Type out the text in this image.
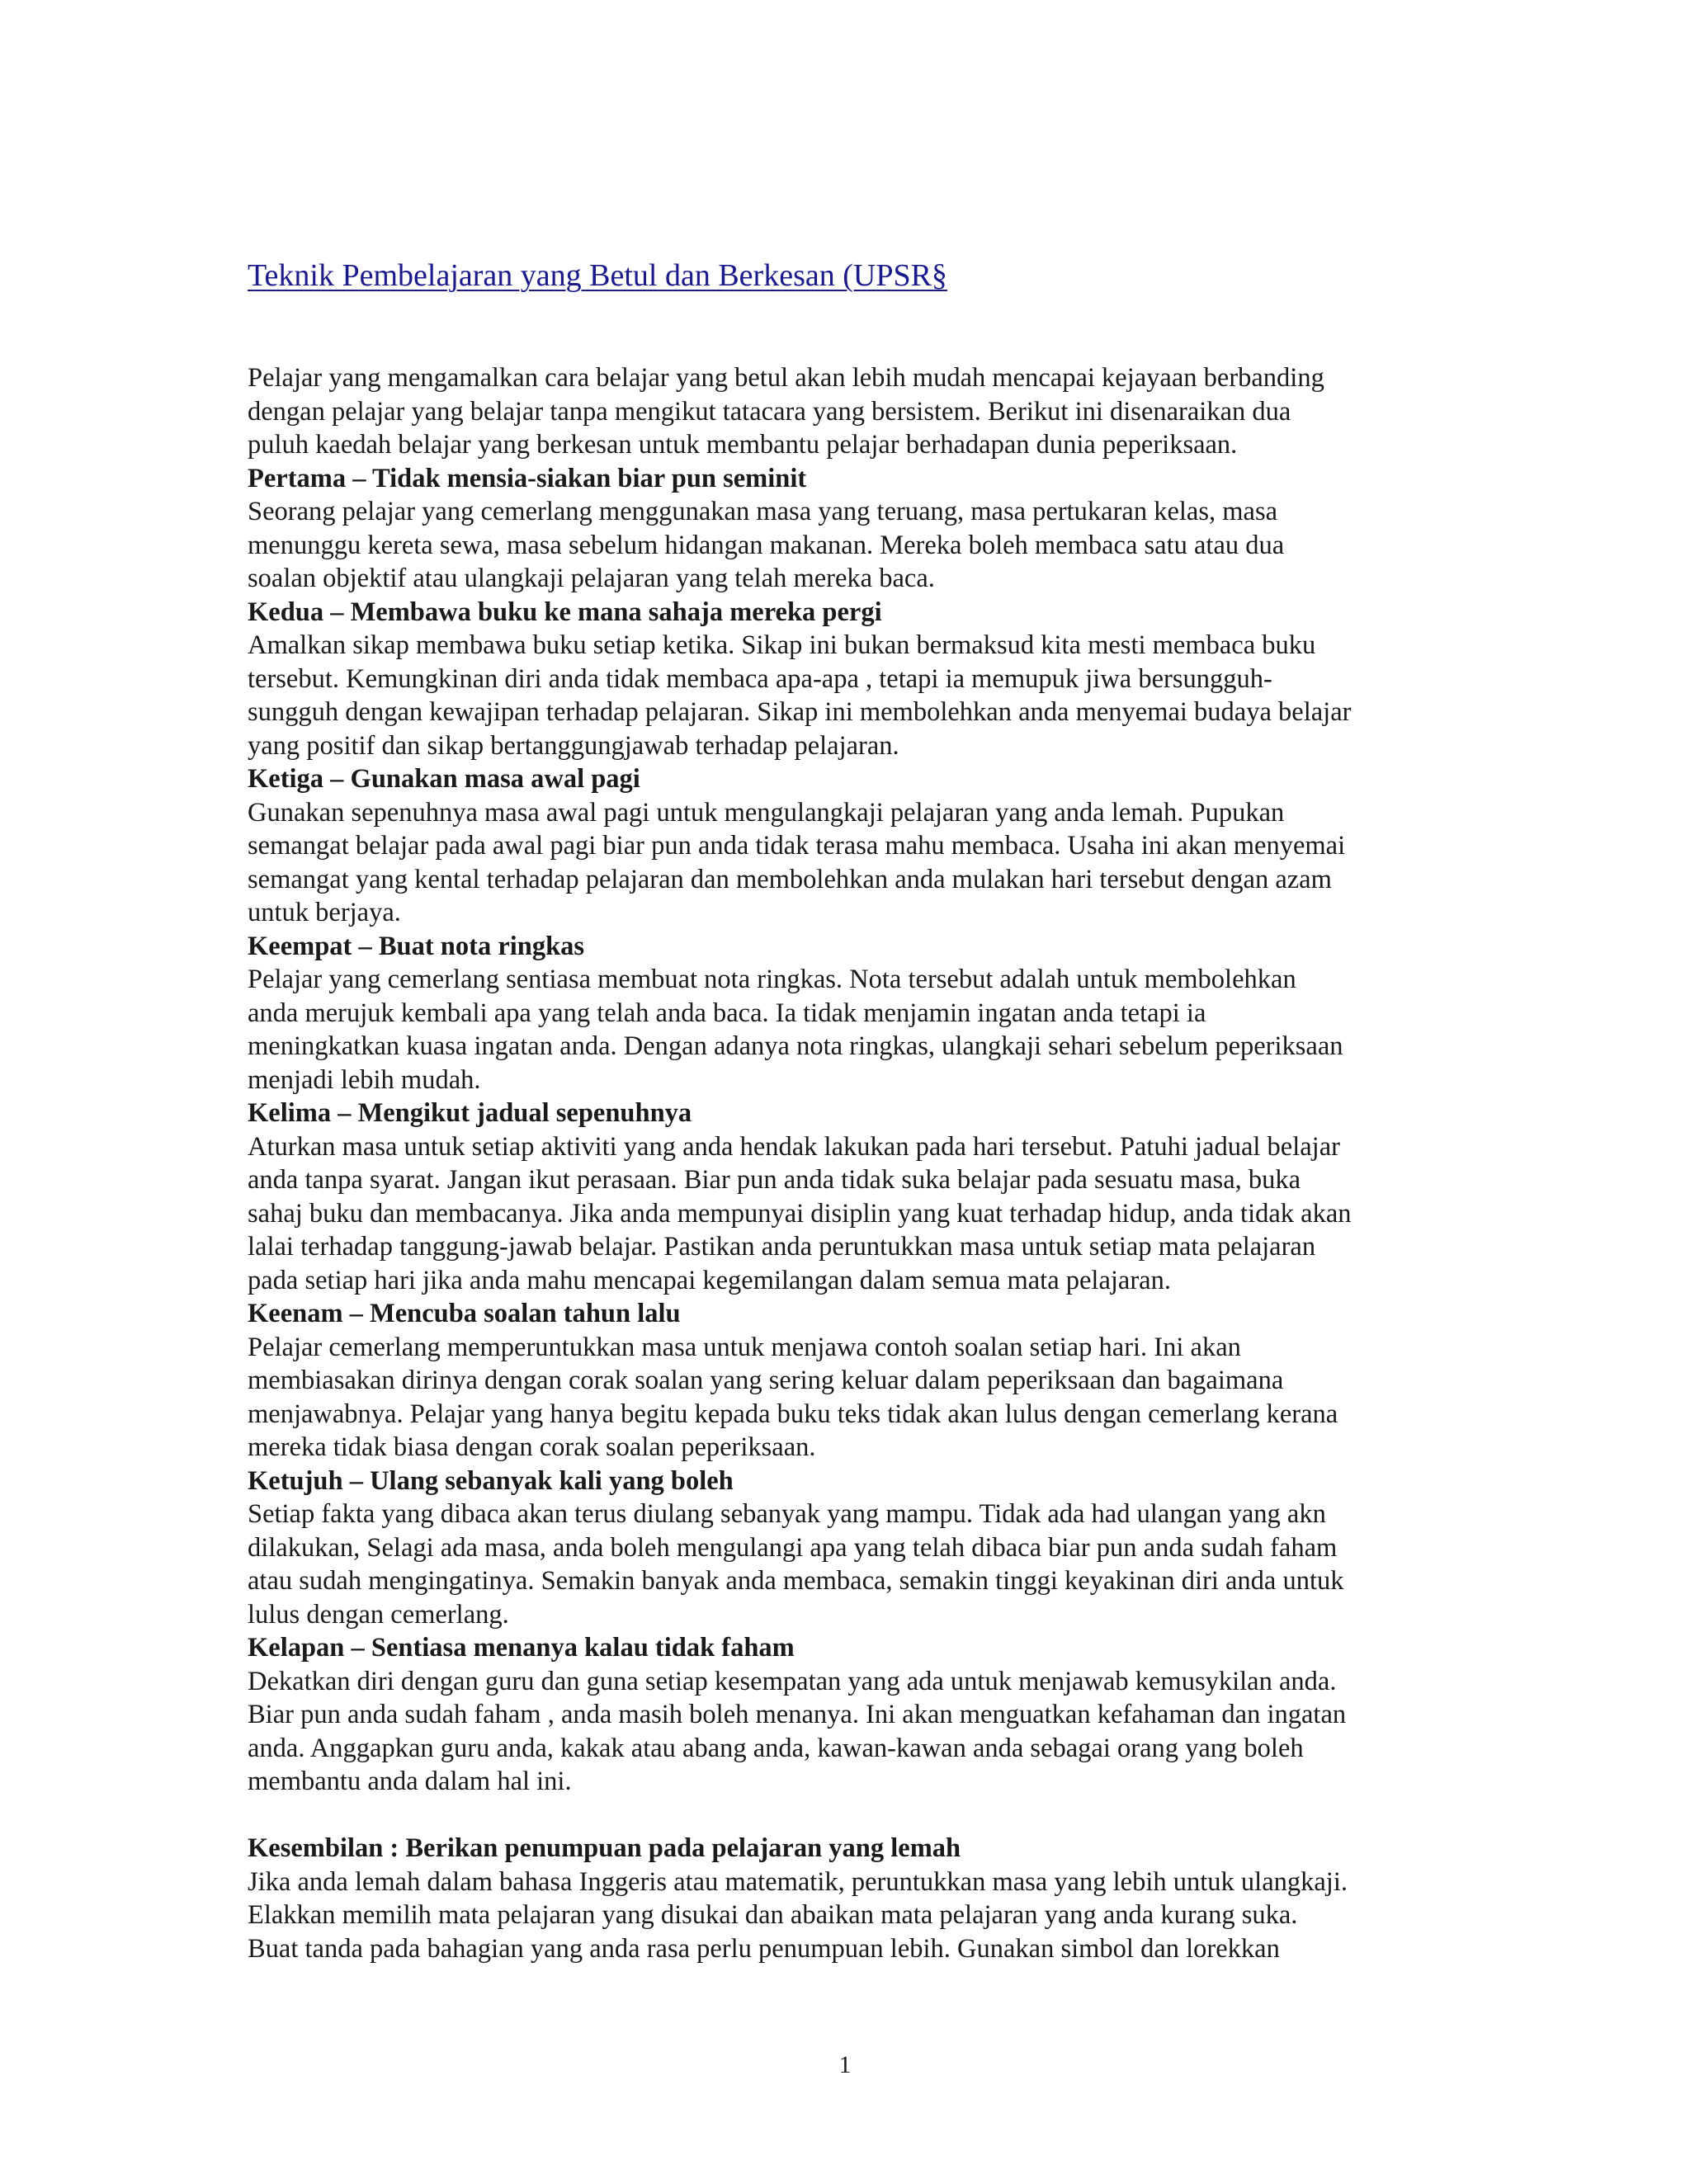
Teknik Pembelajaran yang Betul dan Berkesan (UPSR§
Pelajar yang mengamalkan cara belajar yang betul akan lebih mudah mencapai kejayaan berbanding
dengan pelajar yang belajar tanpa mengikut tatacara yang bersistem. Berikut ini disenaraikan dua
puluh kaedah belajar yang berkesan untuk membantu pelajar berhadapan dunia peperiksaan.
Pertama – Tidak mensia-siakan biar pun seminit
Seorang pelajar yang cemerlang menggunakan masa yang teruang, masa pertukaran kelas, masa
menunggu kereta sewa, masa sebelum hidangan makanan. Mereka boleh membaca satu atau dua
soalan objektif atau ulangkaji pelajaran yang telah mereka baca.
Kedua – Membawa buku ke mana sahaja mereka pergi
Amalkan sikap membawa buku setiap ketika. Sikap ini bukan bermaksud kita mesti membaca buku
tersebut. Kemungkinan diri anda tidak membaca apa-apa , tetapi ia memupuk jiwa bersungguh-
sungguh dengan kewajipan terhadap pelajaran. Sikap ini membolehkan anda menyemai budaya belajar
yang positif dan sikap bertanggungjawab terhadap pelajaran.
Ketiga – Gunakan masa awal pagi
Gunakan sepenuhnya masa awal pagi untuk mengulangkaji pelajaran yang anda lemah. Pupukan
semangat belajar pada awal pagi biar pun anda tidak terasa mahu membaca. Usaha ini akan menyemai
semangat yang kental terhadap pelajaran dan membolehkan anda mulakan hari tersebut dengan azam
untuk berjaya.
Keempat – Buat nota ringkas
Pelajar yang cemerlang sentiasa membuat nota ringkas. Nota tersebut adalah untuk membolehkan
anda merujuk kembali apa yang telah anda baca. Ia tidak menjamin ingatan anda tetapi ia
meningkatkan kuasa ingatan anda. Dengan adanya nota ringkas, ulangkaji sehari sebelum peperiksaan
menjadi lebih mudah.
Kelima – Mengikut jadual sepenuhnya
Aturkan masa untuk setiap aktiviti yang anda hendak lakukan pada hari tersebut. Patuhi jadual belajar
anda tanpa syarat. Jangan ikut perasaan. Biar pun anda tidak suka belajar pada sesuatu masa, buka
sahaj buku dan membacanya. Jika anda mempunyai disiplin yang kuat terhadap hidup, anda tidak akan
lalai terhadap tanggung-jawab belajar. Pastikan anda peruntukkan masa untuk setiap mata pelajaran
pada setiap hari jika anda mahu mencapai kegemilangan dalam semua mata pelajaran.
Keenam – Mencuba soalan tahun lalu
Pelajar cemerlang memperuntukkan masa untuk menjawa contoh soalan setiap hari. Ini akan
membiasakan dirinya dengan corak soalan yang sering keluar dalam peperiksaan dan bagaimana
menjawabnya. Pelajar yang hanya begitu kepada buku teks tidak akan lulus dengan cemerlang kerana
mereka tidak biasa dengan corak soalan peperiksaan.
Ketujuh – Ulang sebanyak kali yang boleh
Setiap fakta yang dibaca akan terus diulang sebanyak yang mampu. Tidak ada had ulangan yang akn
dilakukan, Selagi ada masa, anda boleh mengulangi apa yang telah dibaca biar pun anda sudah faham
atau sudah mengingatinya. Semakin banyak anda membaca, semakin tinggi keyakinan diri anda untuk
lulus dengan cemerlang.
Kelapan – Sentiasa menanya kalau tidak faham
Dekatkan diri dengan guru dan guna setiap kesempatan yang ada untuk menjawab kemusykilan anda.
Biar pun anda sudah faham , anda masih boleh menanya. Ini akan menguatkan kefahaman dan ingatan
anda. Anggapkan guru anda, kakak atau abang anda, kawan-kawan anda sebagai orang yang boleh
membantu anda dalam hal ini.
Kesembilan : Berikan penumpuan pada pelajaran yang lemah
Jika anda lemah dalam bahasa Inggeris atau matematik, peruntukkan masa yang lebih untuk ulangkaji.
Elakkan memilih mata pelajaran yang disukai dan abaikan mata pelajaran yang anda kurang suka.
Buat tanda pada bahagian yang anda rasa perlu penumpuan lebih. Gunakan simbol dan lorekkan
1
